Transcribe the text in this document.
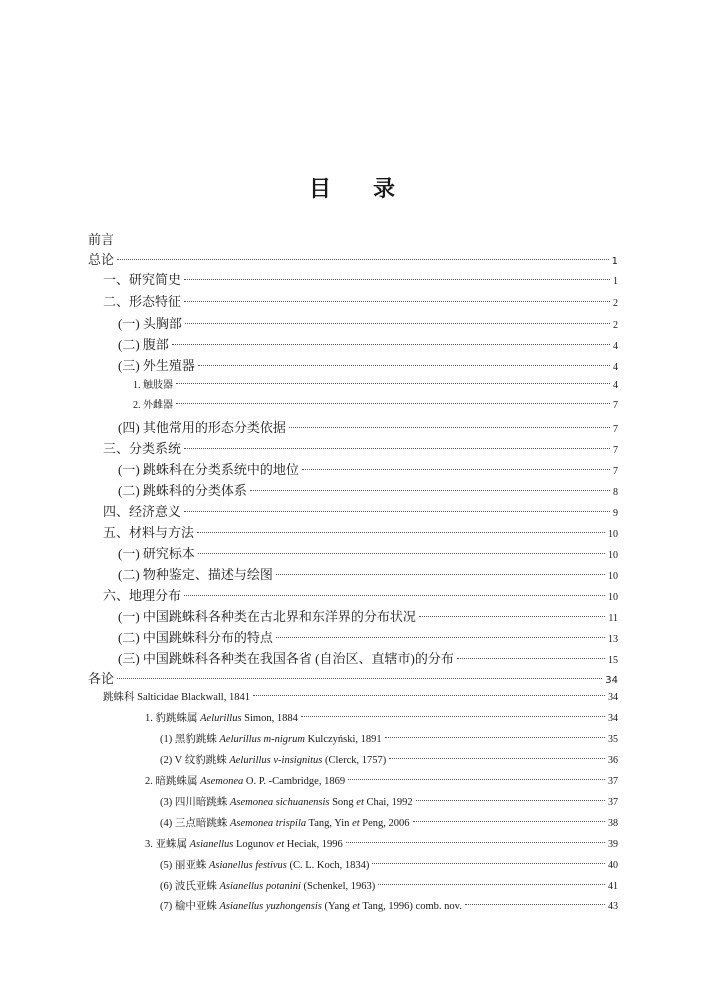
目 录
前言
总论	1
一、研究简史	1
二、形态特征	2
(一) 头胸部	2
(二) 腹部	4
(三) 外生殖器	4
1. 触肢器	4
2. 外雌器	7
(四) 其他常用的形态分类依据	7
三、分类系统	7
(一) 跳蛛科在分类系统中的地位	7
(二) 跳蛛科的分类体系	8
四、经济意义	9
五、材料与方法	10
(一) 研究标本	10
(二) 物种鉴定、描述与绘图	10
六、地理分布	10
(一) 中国跳蛛科各种类在古北界和东洋界的分布状况	11
(二) 中国跳蛛科分布的特点	13
(三) 中国跳蛛科各种类在我国各省 (自治区、直辖市)的分布	15
各论	34
跳蛛科 Salticidae Blackwall, 1841	34
1. 豹跳蛛属 Aelurillus Simon, 1884	34
(1) 黑豹跳蛛 Aelurillus m-nigrum Kulczyński, 1891	35
(2) V 纹豹跳蛛 Aelurillus v-insignitus (Clerck, 1757)	36
2. 暗跳蛛属 Asemonea O. P. -Cambridge, 1869	37
(3) 四川暗跳蛛 Asemonea sichuanensis Song et Chai, 1992	37
(4) 三点暗跳蛛 Asemonea trispila Tang, Yin et Peng, 2006	38
3. 亚蛛属 Asianellus Logunov et Heciak, 1996	39
(5) 丽亚蛛 Asianellus festivus (C. L. Koch, 1834)	40
(6) 波氏亚蛛 Asianellus potanini (Schenkel, 1963)	41
(7) 榆中亚蛛 Asianellus yuzhongensis (Yang et Tang, 1996) comb. nov.	43
